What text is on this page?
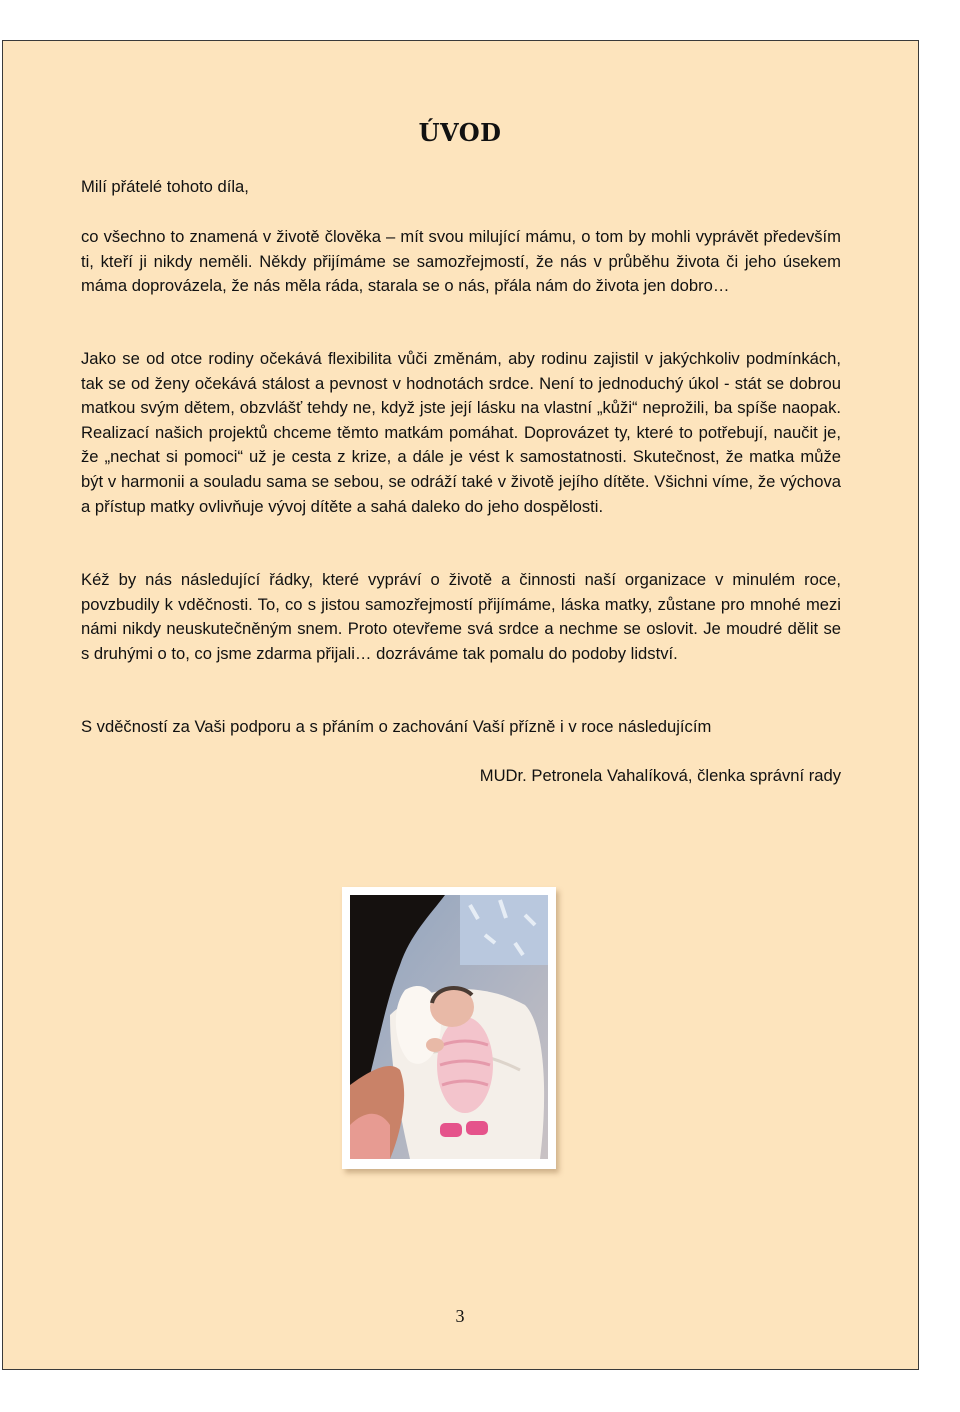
ÚVOD
Milí přátelé tohoto díla,

co všechno to znamená v životě člověka – mít svou milující mámu, o tom by mohli vyprávět především ti, kteří ji nikdy neměli. Někdy přijímáme se samozřejmostí, že nás v průběhu života či jeho úsekem máma doprovázela, že nás měla ráda, starala se o nás, přála nám do života jen dobro…

Jako se od otce rodiny očekává flexibilita vůči změnám, aby rodinu zajistil v jakýchkoliv podmínkách, tak se od ženy očekává stálost a pevnost v hodnotách srdce. Není to jednoduchý úkol - stát se dobrou matkou svým dětem, obzvlášť tehdy ne, když jste její lásku na vlastní „kůži“ neprožili, ba spíše naopak. Realizací našich projektů chceme těmto matkám pomáhat. Doprovázet ty, které to potřebují, naučit je, že „nechat si pomoci“ už je cesta z krize, a dále je vést k samostatnosti. Skutečnost, že matka může být v harmonii a souladu sama se sebou, se odráží také v životě jejího dítěte. Všichni víme, že výchova a přístup matky ovlivňuje vývoj dítěte a sahá daleko do jeho dospělosti.

Kéž by nás následující řádky, které vypráví o životě a činnosti naší organizace v minulém roce, povzbudily k vděčnosti. To, co s jistou samozřejmostí přijímáme, láska matky, zůstane pro mnohé mezi námi nikdy neuskutečněným snem. Proto otevřeme svá srdce a nechme se oslovit. Je moudré dělit se s druhými o to, co jsme zdarma přijali… dozráváme tak pomalu do podoby lidství.

S vděčností za Vaši podporu a s přáním o zachování Vaší přízně i v roce následujícím

MUDr. Petronela Vahalíková, členka správní rady
3
